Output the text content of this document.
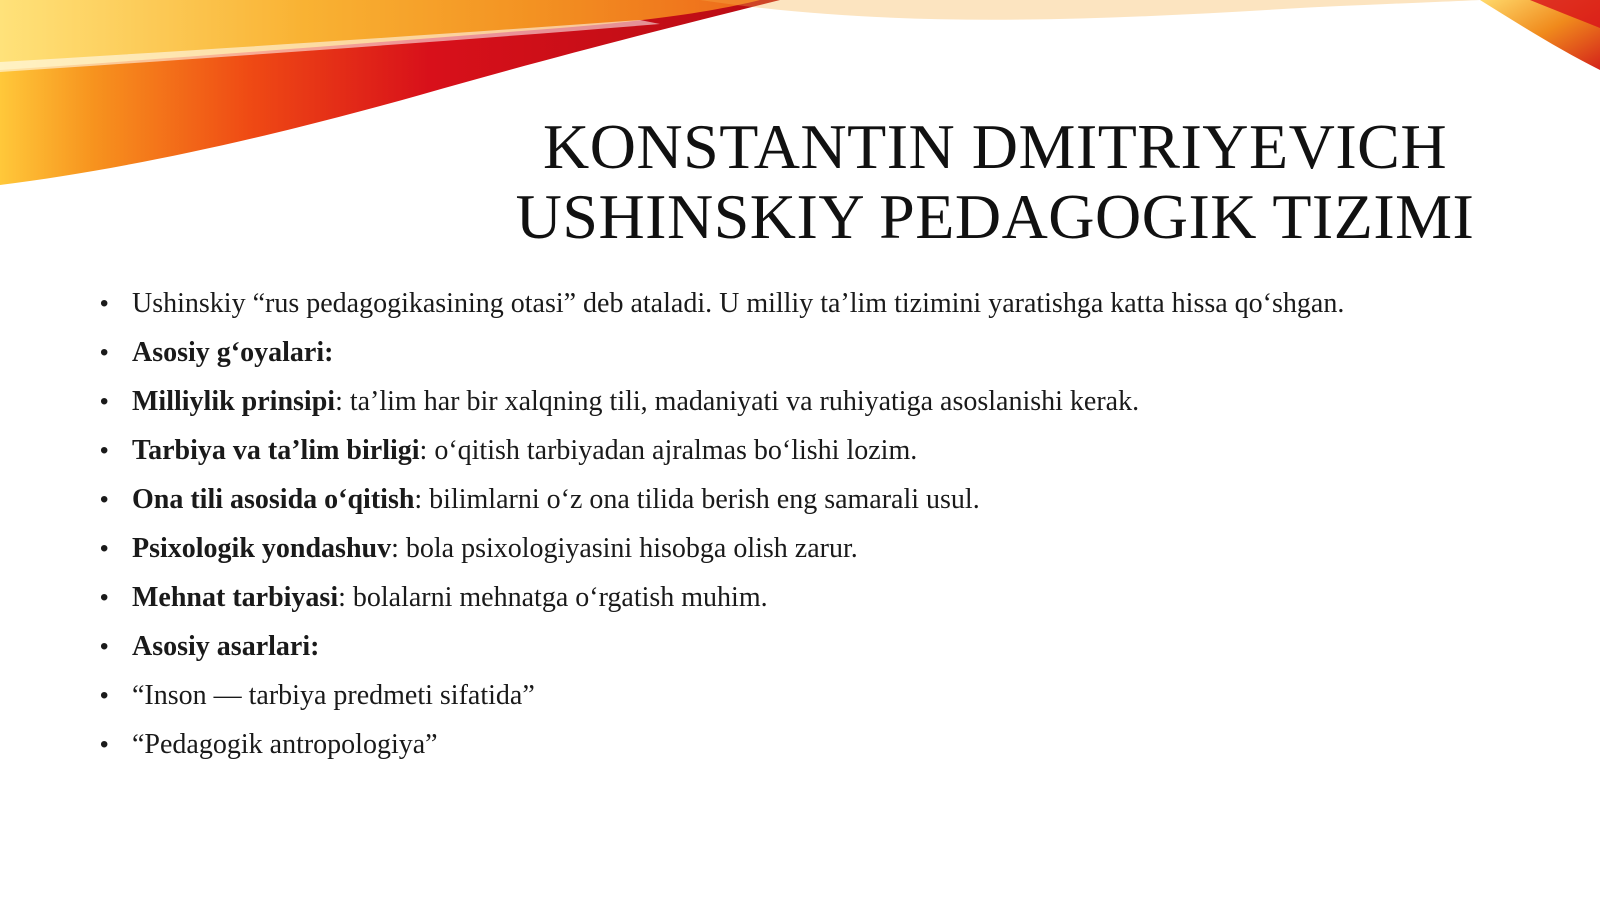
KONSTANTIN DMITRIYEVICH
USHINSKIY PEDAGOGIK TIZIMI
• Ushinskiy “rus pedagogikasining otasi” deb ataladi. U milliy ta’lim tizimini yaratishga katta hissa qo‘shgan.
• Asosiy g‘oyalari:
• Milliylik prinsipi: ta’lim har bir xalqning tili, madaniyati va ruhiyatiga asoslanishi kerak.
• Tarbiya va ta’lim birligi: o‘qitish tarbiyadan ajralmas bo‘lishi lozim.
• Ona tili asosida o‘qitish: bilimlarni o‘z ona tilida berish eng samarali usul.
• Psixologik yondashuv: bola psixologiyasini hisobga olish zarur.
• Mehnat tarbiyasi: bolalarni mehnatga o‘rgatish muhim.
• Asosiy asarlari:
• “Inson — tarbiya predmeti sifatida”
• “Pedagogik antropologiya”
